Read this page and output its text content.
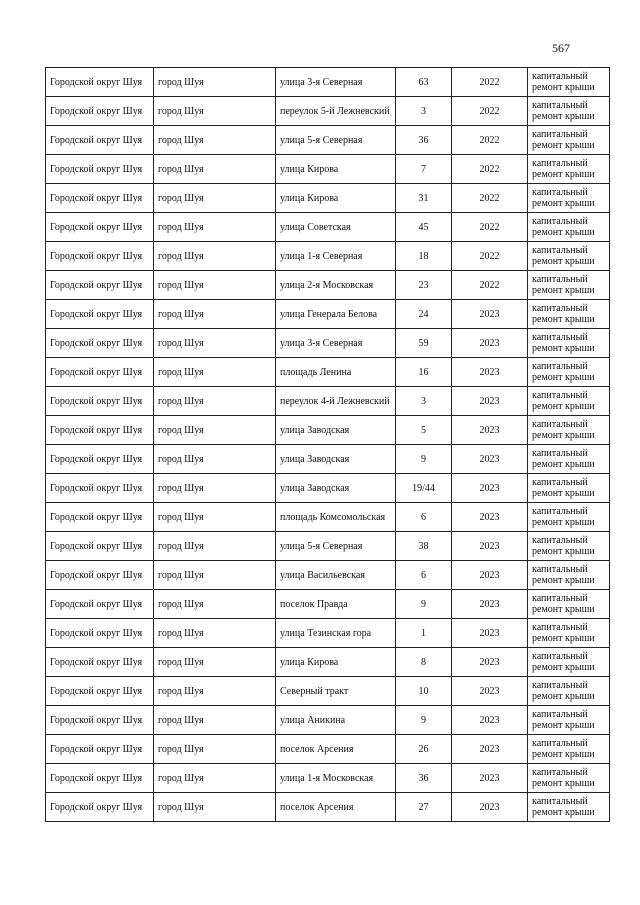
567
Городской округ Шуя	город Шуя	улица 3-я Северная	63	2022	капитальный ремонт крыши
Городской округ Шуя	город Шуя	переулок 5-й Лежневский	3	2022	капитальный ремонт крыши
Городской округ Шуя	город Шуя	улица 5-я Северная	36	2022	капитальный ремонт крыши
Городской округ Шуя	город Шуя	улица Кирова	7	2022	капитальный ремонт крыши
Городской округ Шуя	город Шуя	улица Кирова	31	2022	капитальный ремонт крыши
Городской округ Шуя	город Шуя	улица Советская	45	2022	капитальный ремонт крыши
Городской округ Шуя	город Шуя	улица 1-я Северная	18	2022	капитальный ремонт крыши
Городской округ Шуя	город Шуя	улица 2-я Московская	23	2022	капитальный ремонт крыши
Городской округ Шуя	город Шуя	улица Генерала Белова	24	2023	капитальный ремонт крыши
Городской округ Шуя	город Шуя	улица 3-я Северная	59	2023	капитальный ремонт крыши
Городской округ Шуя	город Шуя	площадь Ленина	16	2023	капитальный ремонт крыши
Городской округ Шуя	город Шуя	переулок 4-й Лежневский	3	2023	капитальный ремонт крыши
Городской округ Шуя	город Шуя	улица Заводская	5	2023	капитальный ремонт крыши
Городской округ Шуя	город Шуя	улица Заводская	9	2023	капитальный ремонт крыши
Городской округ Шуя	город Шуя	улица Заводская	19/44	2023	капитальный ремонт крыши
Городской округ Шуя	город Шуя	площадь Комсомольская	6	2023	капитальный ремонт крыши
Городской округ Шуя	город Шуя	улица 5-я Северная	38	2023	капитальный ремонт крыши
Городской округ Шуя	город Шуя	улица Васильевская	6	2023	капитальный ремонт крыши
Городской округ Шуя	город Шуя	поселок Правда	9	2023	капитальный ремонт крыши
Городской округ Шуя	город Шуя	улица Тезинская гора	1	2023	капитальный ремонт крыши
Городской округ Шуя	город Шуя	улица Кирова	8	2023	капитальный ремонт крыши
Городской округ Шуя	город Шуя	Северный тракт	10	2023	капитальный ремонт крыши
Городской округ Шуя	город Шуя	улица Аникина	9	2023	капитальный ремонт крыши
Городской округ Шуя	город Шуя	поселок Арсения	26	2023	капитальный ремонт крыши
Городской округ Шуя	город Шуя	улица 1-я Московская	36	2023	капитальный ремонт крыши
Городской округ Шуя	город Шуя	поселок Арсения	27	2023	капитальный ремонт крыши
